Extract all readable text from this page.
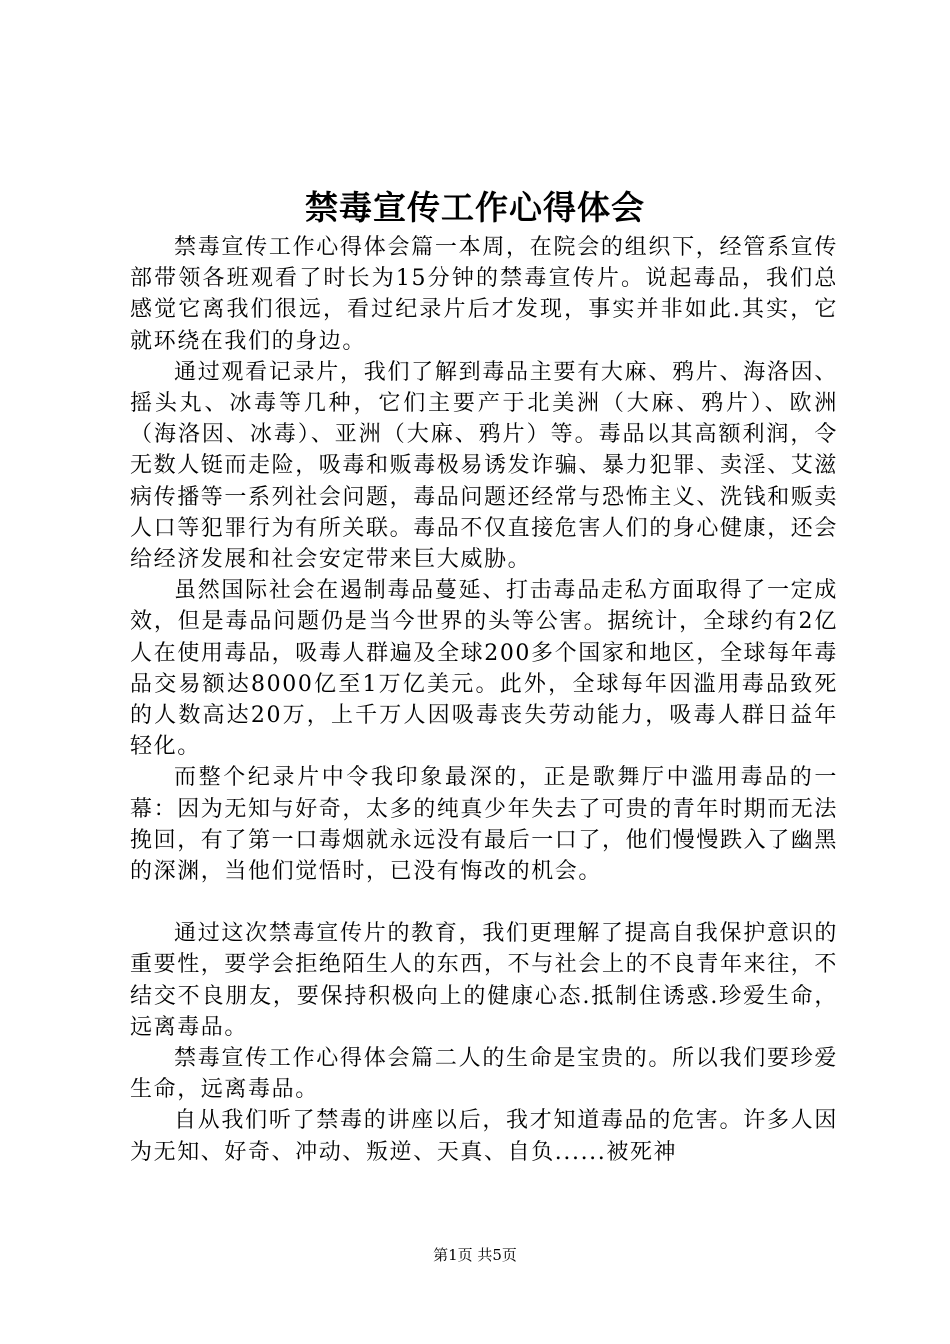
禁毒宣传工作心得体会

禁毒宣传工作心得体会篇一本周，在院会的组织下，经管系宣传部带领各班观看了时长为15分钟的禁毒宣传片。说起毒品，我们总感觉它离我们很远，看过纪录片后才发现，事实并非如此.其实，它就环绕在我们的身边。

通过观看记录片，我们了解到毒品主要有大麻、鸦片、海洛因、摇头丸、冰毒等几种，它们主要产于北美洲（大麻、鸦片）、欧洲（海洛因、冰毒）、亚洲（大麻、鸦片）等。毒品以其高额利润，令无数人铤而走险，吸毒和贩毒极易诱发诈骗、暴力犯罪、卖淫、艾滋病传播等一系列社会问题，毒品问题还经常与恐怖主义、洗钱和贩卖人口等犯罪行为有所关联。毒品不仅直接危害人们的身心健康，还会给经济发展和社会安定带来巨大威胁。

虽然国际社会在遏制毒品蔓延、打击毒品走私方面取得了一定成效，但是毒品问题仍是当今世界的头等公害。据统计，全球约有2亿人在使用毒品，吸毒人群遍及全球200多个国家和地区，全球每年毒品交易额达8000亿至1万亿美元。此外，全球每年因滥用毒品致死的人数高达20万，上千万人因吸毒丧失劳动能力，吸毒人群日益年轻化。

而整个纪录片中令我印象最深的，正是歌舞厅中滥用毒品的一幕：因为无知与好奇，太多的纯真少年失去了可贵的青年时期而无法挽回，有了第一口毒烟就永远没有最后一口了，他们慢慢跌入了幽黑的深渊，当他们觉悟时，已没有悔改的机会。

通过这次禁毒宣传片的教育，我们更理解了提高自我保护意识的重要性，要学会拒绝陌生人的东西，不与社会上的不良青年来往，不结交不良朋友，要保持积极向上的健康心态.抵制住诱惑.珍爱生命，远离毒品。

禁毒宣传工作心得体会篇二人的生命是宝贵的。所以我们要珍爱生命，远离毒品。

自从我们听了禁毒的讲座以后，我才知道毒品的危害。许多人因为无知、好奇、冲动、叛逆、天真、自负......被死神

第1页 共5页
